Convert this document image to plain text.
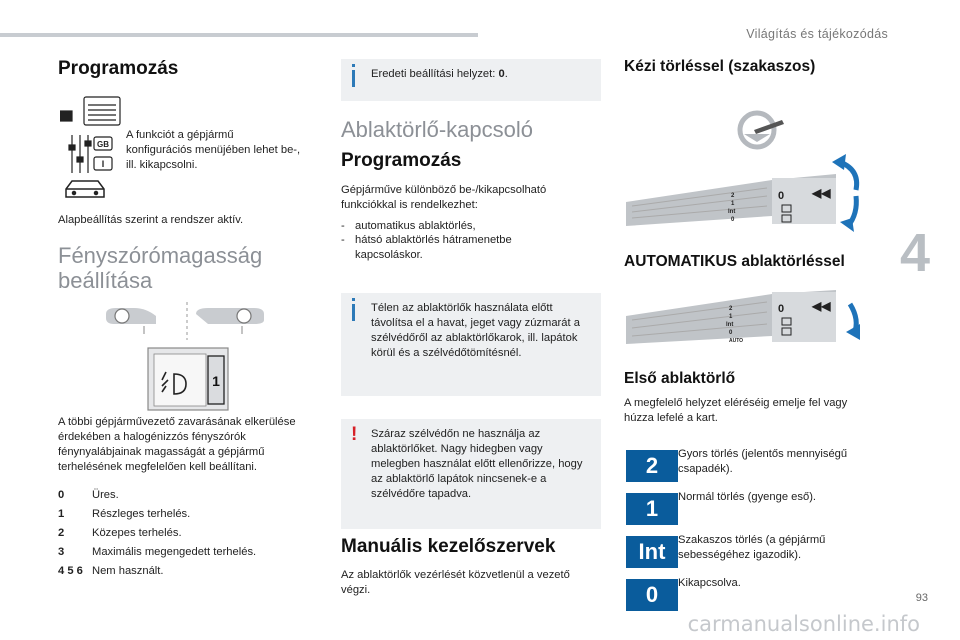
Világítás és tájékozódás
4
Programozás
GB
I
A funkciót a gépjármű konfigurációs menüjében lehet be-, ill. kikapcsolni.
Alapbeállítás szerint a rendszer aktív.
Fényszórómagasság beállítása
1
A többi gépjárművezető zavarásának elkerülése érdekében a halogénizzós fényszórók fénynyalábjainak magasságát a gépjármű terhelésének megfelelően kell beállítani.
0 Üres.
1 Részleges terhelés.
2 Közepes terhelés.
3 Maximális megengedett terhelés.
4 5 6 Nem használt.
Eredeti beállítási helyzet: 0.
Ablaktörlő-kapcsoló
Programozás
Gépjárműve különböző be-/kikapcsolható funkciókkal is rendelkezhet:
- automatikus ablaktörlés,
- hátsó ablaktörlés hátramenetbe kapcsoláskor.
Télen az ablaktörlők használata előtt távolítsa el a havat, jeget vagy zúzmarát a szélvédőről az ablaktörlőkarok, ill. lapátok körül és a szélvédőtömítésnél.
! Száraz szélvédőn ne használja az ablaktörlőket. Nagy hidegben vagy melegben használat előtt ellenőrizze, hogy az ablaktörlő lapátok nincsenek-e a szélvédőre tapadva.
Manuális kezelőszervek
Az ablaktörlők vezérlését közvetlenül a vezető végzi.
Kézi törléssel (szakaszos)
2
1
Int
0
0 ◀◀
AUTOMATIKUS ablaktörléssel
2
1
Int
0
AUTO
0 ◀◀
Első ablaktörlő
A megfelelő helyzet eléréséig emelje fel vagy húzza lefelé a kart.
2	Gyors törlés (jelentős mennyiségű csapadék).
1	Normál törlés (gyenge eső).
Int	Szakaszos törlés (a gépjármű sebességéhez igazodik).
0	Kikapcsolva.
93
carmanualsonline.info
